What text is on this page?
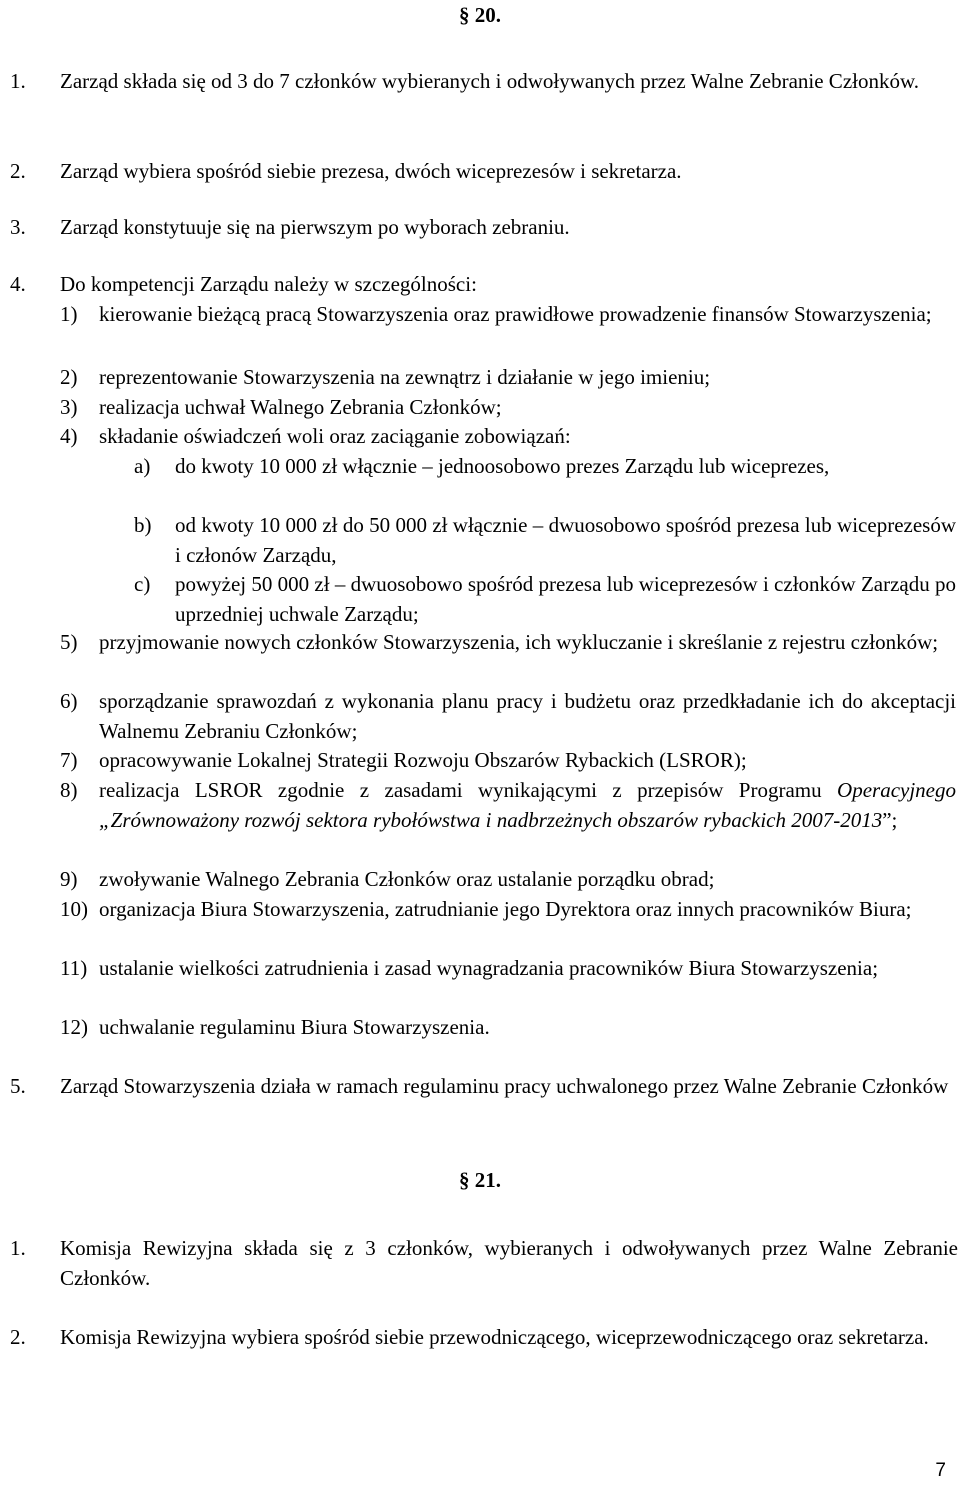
§ 20.
1. Zarząd składa się od 3 do 7 członków wybieranych i odwoływanych przez Walne Zebranie Członków.
2. Zarząd wybiera spośród siebie prezesa, dwóch wiceprezesów i sekretarza.
3. Zarząd konstytuuje się na pierwszym po wyborach zebraniu.
4. Do kompetencji Zarządu należy w szczególności:
1) kierowanie bieżącą pracą Stowarzyszenia oraz prawidłowe prowadzenie finansów Stowarzyszenia;
2) reprezentowanie Stowarzyszenia na zewnątrz i działanie w jego imieniu;
3) realizacja uchwał Walnego Zebrania Członków;
4) składanie oświadczeń woli oraz zaciąganie zobowiązań:
a) do kwoty 10 000 zł włącznie – jednoosobowo prezes Zarządu lub wiceprezes,
b) od kwoty 10 000 zł do 50 000 zł włącznie – dwuosobowo spośród prezesa lub wiceprezesów i członów Zarządu,
c) powyżej 50 000 zł – dwuosobowo spośród prezesa lub wiceprezesów i członków Zarządu po uprzedniej uchwale Zarządu;
5) przyjmowanie nowych członków Stowarzyszenia, ich wykluczanie i skreślanie z rejestru członków;
6) sporządzanie sprawozdań z wykonania planu pracy i budżetu oraz przedkładanie ich do akceptacji Walnemu Zebraniu Członków;
7) opracowywanie Lokalnej Strategii Rozwoju Obszarów Rybackich (LSROR);
8) realizacja LSROR zgodnie z zasadami wynikającymi z przepisów Programu Operacyjnego „Zrównoważony rozwój sektora rybołówstwa i nadbrzeżnych obszarów rybackich 2007-2013”;
9) zwoływanie Walnego Zebrania Członków oraz ustalanie porządku obrad;
10) organizacja Biura Stowarzyszenia, zatrudnianie jego Dyrektora oraz innych pracowników Biura;
11) ustalanie wielkości zatrudnienia i zasad wynagradzania pracowników Biura Stowarzyszenia;
12) uchwalanie regulaminu Biura Stowarzyszenia.
5. Zarząd Stowarzyszenia działa w ramach regulaminu pracy uchwalonego przez Walne Zebranie Członków
§ 21.
1. Komisja Rewizyjna składa się z 3 członków, wybieranych i odwoływanych przez Walne Zebranie Członków.
2. Komisja Rewizyjna wybiera spośród siebie przewodniczącego, wiceprzewodniczącego oraz sekretarza.
7
